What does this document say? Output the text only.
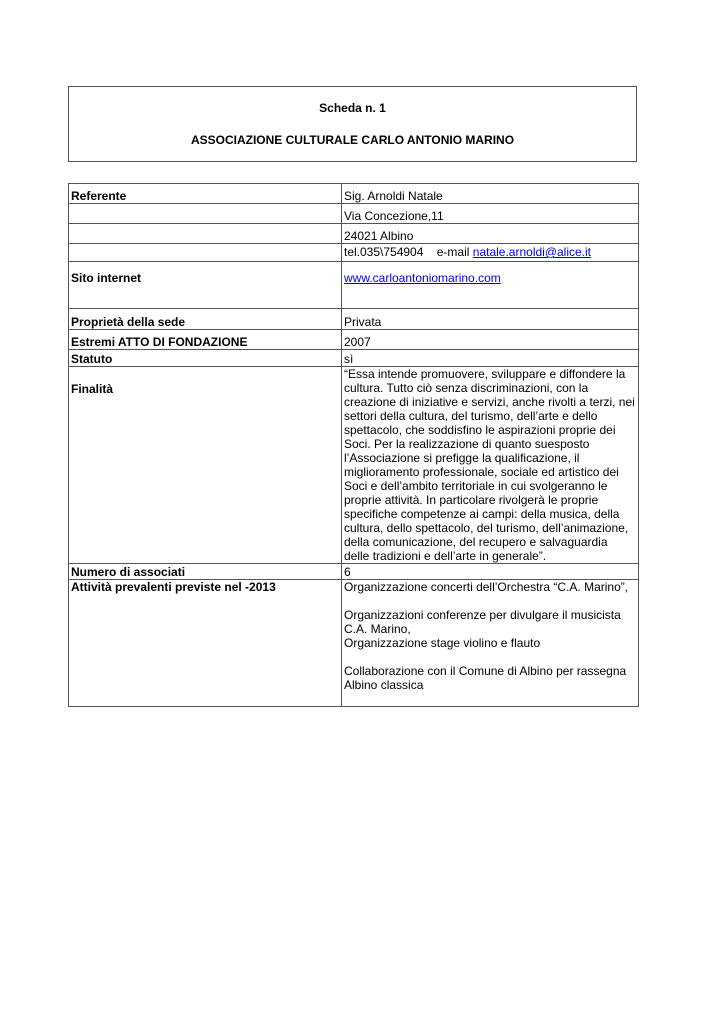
Scheda n. 1
ASSOCIAZIONE CULTURALE CARLO ANTONIO MARINO
Referente	Sig. Arnoldi Natale
	Via Concezione,11
	24021 Albino
	tel.035\754904 e-mail natale.arnoldi@alice.it
Sito internet	www.carloantoniomarino.com
Proprietà della sede	Privata
Estremi ATTO DI FONDAZIONE	2007
Statuto	sì
Finalità	“Essa intende promuovere, sviluppare e diffondere la cultura. Tutto ciò senza discriminazioni, con la creazione di iniziative e servizi, anche rivolti a terzi, nei settori della cultura, del turismo, dell’arte e dello spettacolo, che soddisfino le aspirazioni proprie dei Soci. Per la realizzazione di quanto suesposto l’Associazione si prefigge la qualificazione, il miglioramento professionale, sociale ed artistico dei Soci e dell’ambito territoriale in cui svolgeranno le proprie attività. In particolare rivolgerà le proprie specifiche competenze ai campi: della musica, della cultura, dello spettacolo, del turismo, dell’animazione, della comunicazione, del recupero e salvaguardia delle tradizioni e dell’arte in generale”.
Numero di associati	6
Attività prevalenti previste nel -2013	Organizzazione concerti dell’Orchestra “C.A. Marino”,
Organizzazioni conferenze per divulgare il musicista C.A. Marino,
Organizzazione stage violino e flauto
Collaborazione con il Comune di Albino per rassegna Albino classica
